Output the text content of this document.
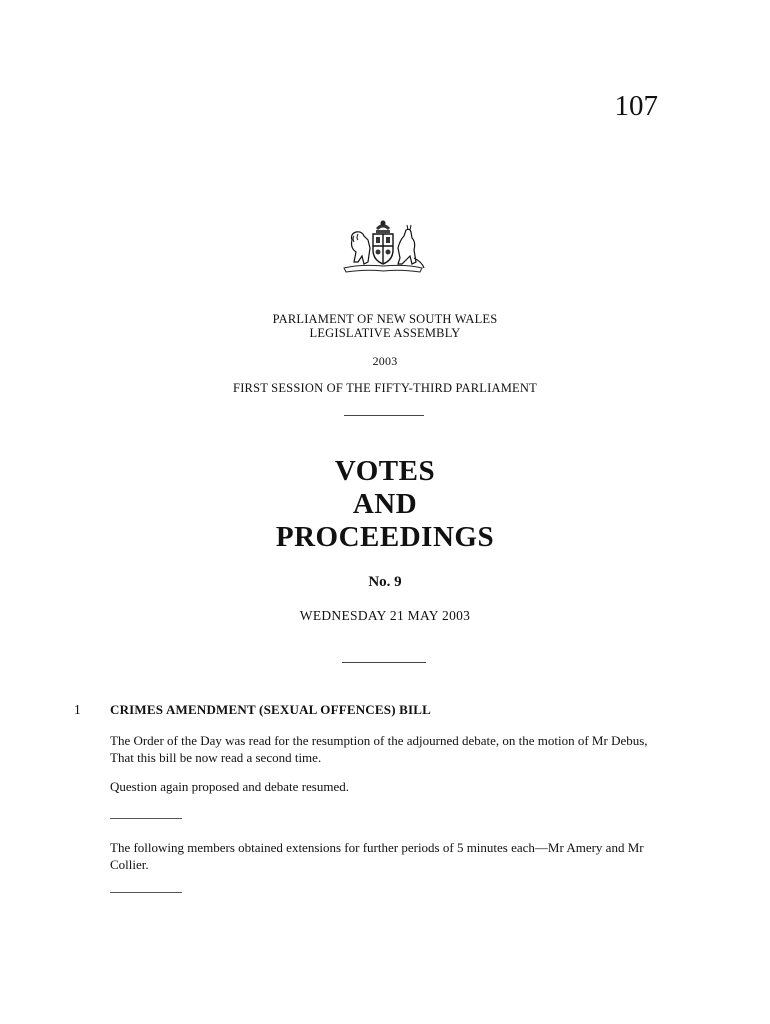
107
PARLIAMENT OF NEW SOUTH WALES
LEGISLATIVE ASSEMBLY
2003
FIRST SESSION OF THE FIFTY-THIRD PARLIAMENT
VOTES
AND
PROCEEDINGS
No. 9
WEDNESDAY 21 MAY 2003
1 CRIMES AMENDMENT (SEXUAL OFFENCES) BILL
The Order of the Day was read for the resumption of the adjourned debate, on the motion of Mr Debus, That this bill be now read a second time.
Question again proposed and debate resumed.
The following members obtained extensions for further periods of 5 minutes each—Mr Amery and Mr Collier.
